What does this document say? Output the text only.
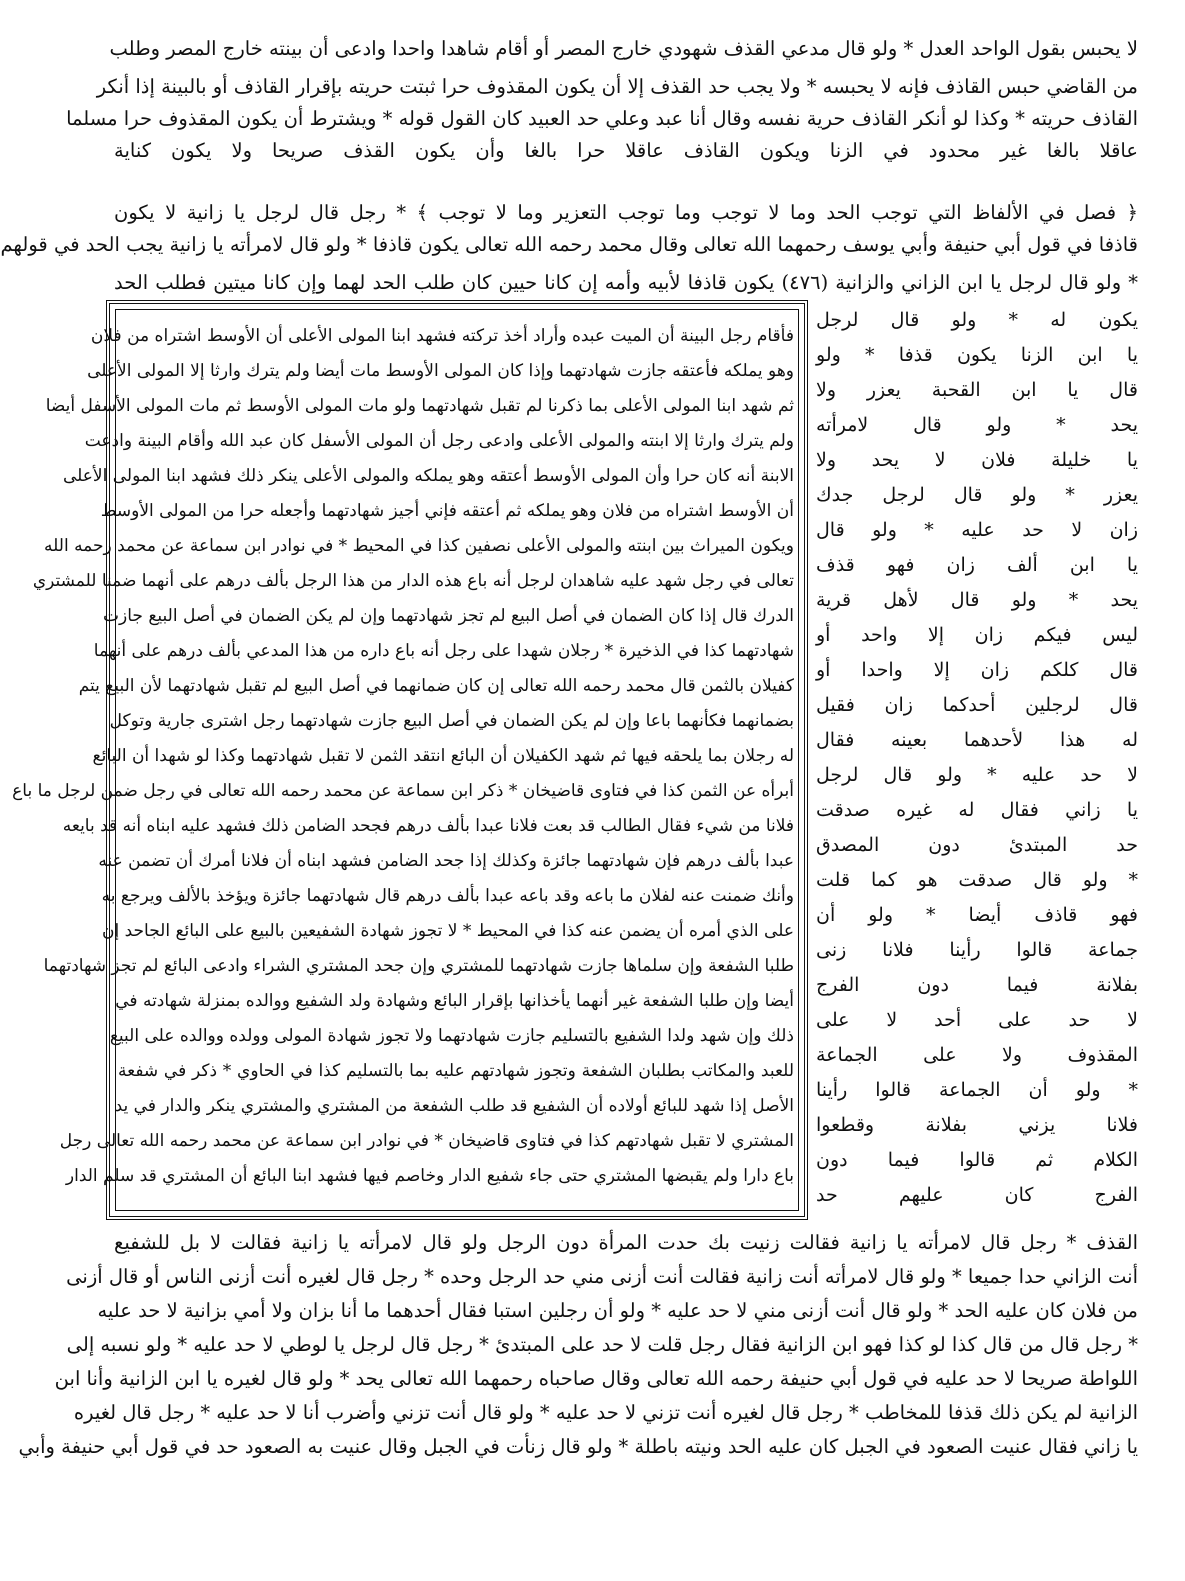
لا يحبس بقول الواحد العدل * ولو قال مدعي القذف شهودي خارج المصر أو أقام شاهدا واحدا وادعى أن بينته خارج المصر وطلب
من القاضي حبس القاذف فإنه لا يحبسه * ولا يجب حد القذف إلا أن يكون المقذوف حرا ثبتت حريته بإقرار القاذف أو بالبينة إذا أنكر
القاذف حريته * وكذا لو أنكر القاذف حرية نفسه وقال أنا عبد وعلي حد العبيد كان القول قوله * ويشترط أن يكون المقذوف حرا مسلما
عاقلا بالغا غير محدود في الزنا ويكون القاذف عاقلا حرا بالغا وأن يكون القذف صريحا ولا يكون كناية
﴿ فصل في الألفاظ التي توجب الحد وما لا توجب وما توجب التعزير وما لا توجب ﴾ * رجل قال لرجل يا زانية لا يكون
قاذفا في قول أبي حنيفة وأبي يوسف رحمهما الله تعالى وقال محمد رحمه الله تعالى يكون قاذفا * ولو قال لامرأته يا زانية يجب الحد في قولهم
* ولو قال لرجل يا ابن الزاني والزانية (٤٧٦) يكون قاذفا لأبيه وأمه إن كانا حيين كان طلب الحد لهما وإن كانا ميتين فطلب الحد
فأقام رجل البينة أن الميت عبده وأراد أخذ تركته فشهد ابنا المولى الأعلى أن الأوسط اشتراه من فلان
وهو يملكه فأعتقه جازت شهادتهما وإذا كان المولى الأوسط مات أيضا ولم يترك وارثا إلا المولى الأعلى
ثم شهد ابنا المولى الأعلى بما ذكرنا لم تقبل شهادتهما ولو مات المولى الأوسط ثم مات المولى الأسفل أيضا
ولم يترك وارثا إلا ابنته والمولى الأعلى وادعى رجل أن المولى الأسفل كان عبد الله وأقام البينة وادعت
الابنة أنه كان حرا وأن المولى الأوسط أعتقه وهو يملكه والمولى الأعلى ينكر ذلك فشهد ابنا المولى الأعلى
أن الأوسط اشتراه من فلان وهو يملكه ثم أعتقه فإني أجيز شهادتهما وأجعله حرا من المولى الأوسط
ويكون الميراث بين ابنته والمولى الأعلى نصفين كذا في المحيط * في نوادر ابن سماعة عن محمد رحمه الله
تعالى في رجل شهد عليه شاهدان لرجل أنه باع هذه الدار من هذا الرجل بألف درهم على أنهما ضمنا للمشتري
الدرك قال إذا كان الضمان في أصل البيع لم تجز شهادتهما وإن لم يكن الضمان في أصل البيع جازت
شهادتهما كذا في الذخيرة * رجلان شهدا على رجل أنه باع داره من هذا المدعي بألف درهم على أنهما
كفيلان بالثمن قال محمد رحمه الله تعالى إن كان ضمانهما في أصل البيع لم تقبل شهادتهما لأن البيع يتم
بضمانهما فكأنهما باعا وإن لم يكن الضمان في أصل البيع جازت شهادتهما رجل اشترى جارية وتوكل
له رجلان بما يلحقه فيها ثم شهد الكفيلان أن البائع انتقد الثمن لا تقبل شهادتهما وكذا لو شهدا أن البائع
أبرأه عن الثمن كذا في فتاوى قاضيخان * ذكر ابن سماعة عن محمد رحمه الله تعالى في رجل ضمن لرجل ما باع
فلانا من شيء فقال الطالب قد بعت فلانا عبدا بألف درهم فجحد الضامن ذلك فشهد عليه ابناه أنه قد بايعه
عبدا بألف درهم فإن شهادتهما جائزة وكذلك إذا جحد الضامن فشهد ابناه أن فلانا أمرك أن تضمن عنه
وأنك ضمنت عنه لفلان ما باعه وقد باعه عبدا بألف درهم قال شهادتهما جائزة ويؤخذ بالألف ويرجع به
على الذي أمره أن يضمن عنه كذا في المحيط * لا تجوز شهادة الشفيعين بالبيع على البائع الجاحد إن
طلبا الشفعة وإن سلماها جازت شهادتهما للمشتري وإن جحد المشتري الشراء وادعى البائع لم تجز شهادتهما
أيضا وإن طلبا الشفعة غير أنهما يأخذانها بإقرار البائع وشهادة ولد الشفيع ووالده بمنزلة شهادته في
ذلك وإن شهد ولدا الشفيع بالتسليم جازت شهادتهما ولا تجوز شهادة المولى وولده ووالده على البيع
للعبد والمكاتب بطلبان الشفعة وتجوز شهادتهم عليه بما بالتسليم كذا في الحاوي * ذكر في شفعة
الأصل إذا شهد للبائع أولاده أن الشفيع قد طلب الشفعة من المشتري والمشتري ينكر والدار في يد
المشتري لا تقبل شهادتهم كذا في فتاوى قاضيخان * في نوادر ابن سماعة عن محمد رحمه الله تعالى رجل
باع دارا ولم يقبضها المشتري حتى جاء شفيع الدار وخاصم فيها فشهد ابنا البائع أن المشتري قد سلم الدار
يكون له * ولو قال لرجل
يا ابن الزنا يكون قذفا * ولو
قال يا ابن القحبة يعزر ولا
يحد * ولو قال لامرأته
يا خليلة فلان لا يحد ولا
يعزر * ولو قال لرجل جدك
زان لا حد عليه * ولو قال
يا ابن ألف زان فهو قذف
يحد * ولو قال لأهل قرية
ليس فيكم زان إلا واحد أو
قال كلكم زان إلا واحدا أو
قال لرجلين أحدكما زان فقيل
له هذا لأحدهما بعينه فقال
لا حد عليه * ولو قال لرجل
يا زاني فقال له غيره صدقت
حد المبتدئ دون المصدق
* ولو قال صدقت هو كما قلت
فهو قاذف أيضا * ولو أن
جماعة قالوا رأينا فلانا زنى
بفلانة فيما دون الفرج
لا حد على أحد لا على
المقذوف ولا على الجماعة
* ولو أن الجماعة قالوا رأينا
فلانا يزني بفلانة وقطعوا
الكلام ثم قالوا فيما دون
الفرج كان عليهم حد
القذف * رجل قال لامرأته يا زانية فقالت زنيت بك حدت المرأة دون الرجل ولو قال لامرأته يا زانية فقالت لا بل للشفيع
أنت الزاني حدا جميعا * ولو قال لامرأته أنت زانية فقالت أنت أزنى مني حد الرجل وحده * رجل قال لغيره أنت أزنى الناس أو قال أزنى
من فلان كان عليه الحد * ولو قال أنت أزنى مني لا حد عليه * ولو أن رجلين استبا فقال أحدهما ما أنا بزان ولا أمي بزانية لا حد عليه
* رجل قال من قال كذا لو كذا فهو ابن الزانية فقال رجل قلت لا حد على المبتدئ * رجل قال لرجل يا لوطي لا حد عليه * ولو نسبه إلى
اللواطة صريحا لا حد عليه في قول أبي حنيفة رحمه الله تعالى وقال صاحباه رحمهما الله تعالى يحد * ولو قال لغيره يا ابن الزانية وأنا ابن
الزانية لم يكن ذلك قذفا للمخاطب * رجل قال لغيره أنت تزني لا حد عليه * ولو قال أنت تزني وأضرب أنا لا حد عليه * رجل قال لغيره
يا زاني فقال عنيت الصعود في الجبل كان عليه الحد ونيته باطلة * ولو قال زنأت في الجبل وقال عنيت به الصعود حد في قول أبي حنيفة وأبي
